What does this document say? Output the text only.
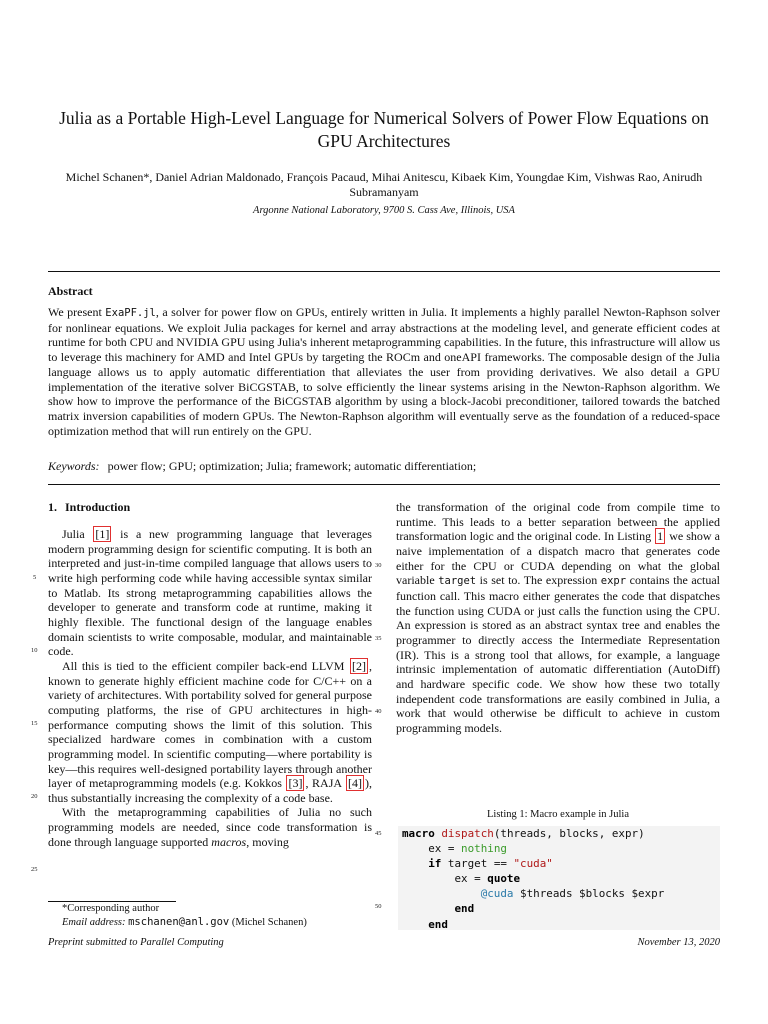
Julia as a Portable High-Level Language for Numerical Solvers of Power Flow Equations on GPU Architectures
Michel Schanen*, Daniel Adrian Maldonado, François Pacaud, Mihai Anitescu, Kibaek Kim, Youngdae Kim, Vishwas Rao, Anirudh Subramanyam
Argonne National Laboratory, 9700 S. Cass Ave, Illinois, USA
Abstract

We present ExaPF.jl, a solver for power flow on GPUs, entirely written in Julia. It implements a highly parallel Newton-Raphson solver for nonlinear equations. We exploit Julia packages for kernel and array abstractions at the modeling level, and generate efficient codes at runtime for both CPU and NVIDIA GPU using Julia's inherent metaprogramming capabilities. In the future, this infrastructure will allow us to leverage this machinery for AMD and Intel GPUs by targeting the ROCm and oneAPI frameworks. The composable design of the Julia language allows us to apply automatic differentiation that alleviates the user from providing derivatives. We also detail a GPU implementation of the iterative solver BiCGSTAB, to solve efficiently the linear systems arising in the Newton-Raphson algorithm. We show how to improve the performance of the BiCGSTAB algorithm by using a block-Jacobi preconditioner, tailored towards the batched matrix inversion capabilities of modern GPUs. The Newton-Raphson algorithm will eventually serve as the foundation of a reduced-space optimization method that will run entirely on the GPU.

Keywords: power flow; GPU; optimization; Julia; framework; automatic differentiation;
1. Introduction

Julia [1] is a new programming language that leverages modern programming design for scientific computing. It is both an interpreted and just-in-time compiled language that allows users to write high performing code while having accessible syntax similar to Matlab. Its strong metaprogramming capabilities allows the developer to generate and transform code at runtime, making it highly flexible. The functional design of the language enables domain scientists to write composable, modular, and maintainable code.

All this is tied to the efficient compiler back-end LLVM [2] , known to generate highly efficient machine code for C/C++ on a variety of architectures. With portability solved for general purpose computing platforms, the rise of GPU architectures in high-performance computing shows the limit of this solution. This specialized hardware comes in combination with a custom programming model. In scientific computing—where portability is key—this requires well-designed portability layers through another layer of metaprogramming models (e.g. Kokkos [3] , RAJA [4] ), thus substantially increasing the complexity of a code base.

With the metaprogramming capabilities of Julia no such programming models are needed, since code transformation is done through language supported macros, moving

the transformation of the original code from compile time to runtime. This leads to a better separation between the applied transformation logic and the original code. In Listing 1 we show a naive implementation of a dispatch macro that generates code either for the CPU or CUDA depending on what the global variable target is set to. The expression expr contains the actual function call. This macro either generates the code that dispatches the function using CUDA or just calls the function using the CPU. An expression is stored as an abstract syntax tree and enables the programmer to directly access the Intermediate Representation (IR). This is a strong tool that allows, for example, a language intrinsic implementation of automatic differentiation (AutoDiff) and hardware specific code. We show how these two totally independent code transformations are easily combined in Julia, a work that would otherwise be difficult to achieve in custom programming models.

5
10
15
20
25
30
35
40
45
50
Listing 1: Macro example in Julia
macro dispatch(threads, blocks, expr)
ex = nothing
if target == "cuda"
ex = quote
@cuda $threads $blocks $expr
end
end
*Corresponding author
Email address: mschanen@anl.gov (Michel Schanen)
Preprint submitted to Parallel Computing	November 13, 2020
